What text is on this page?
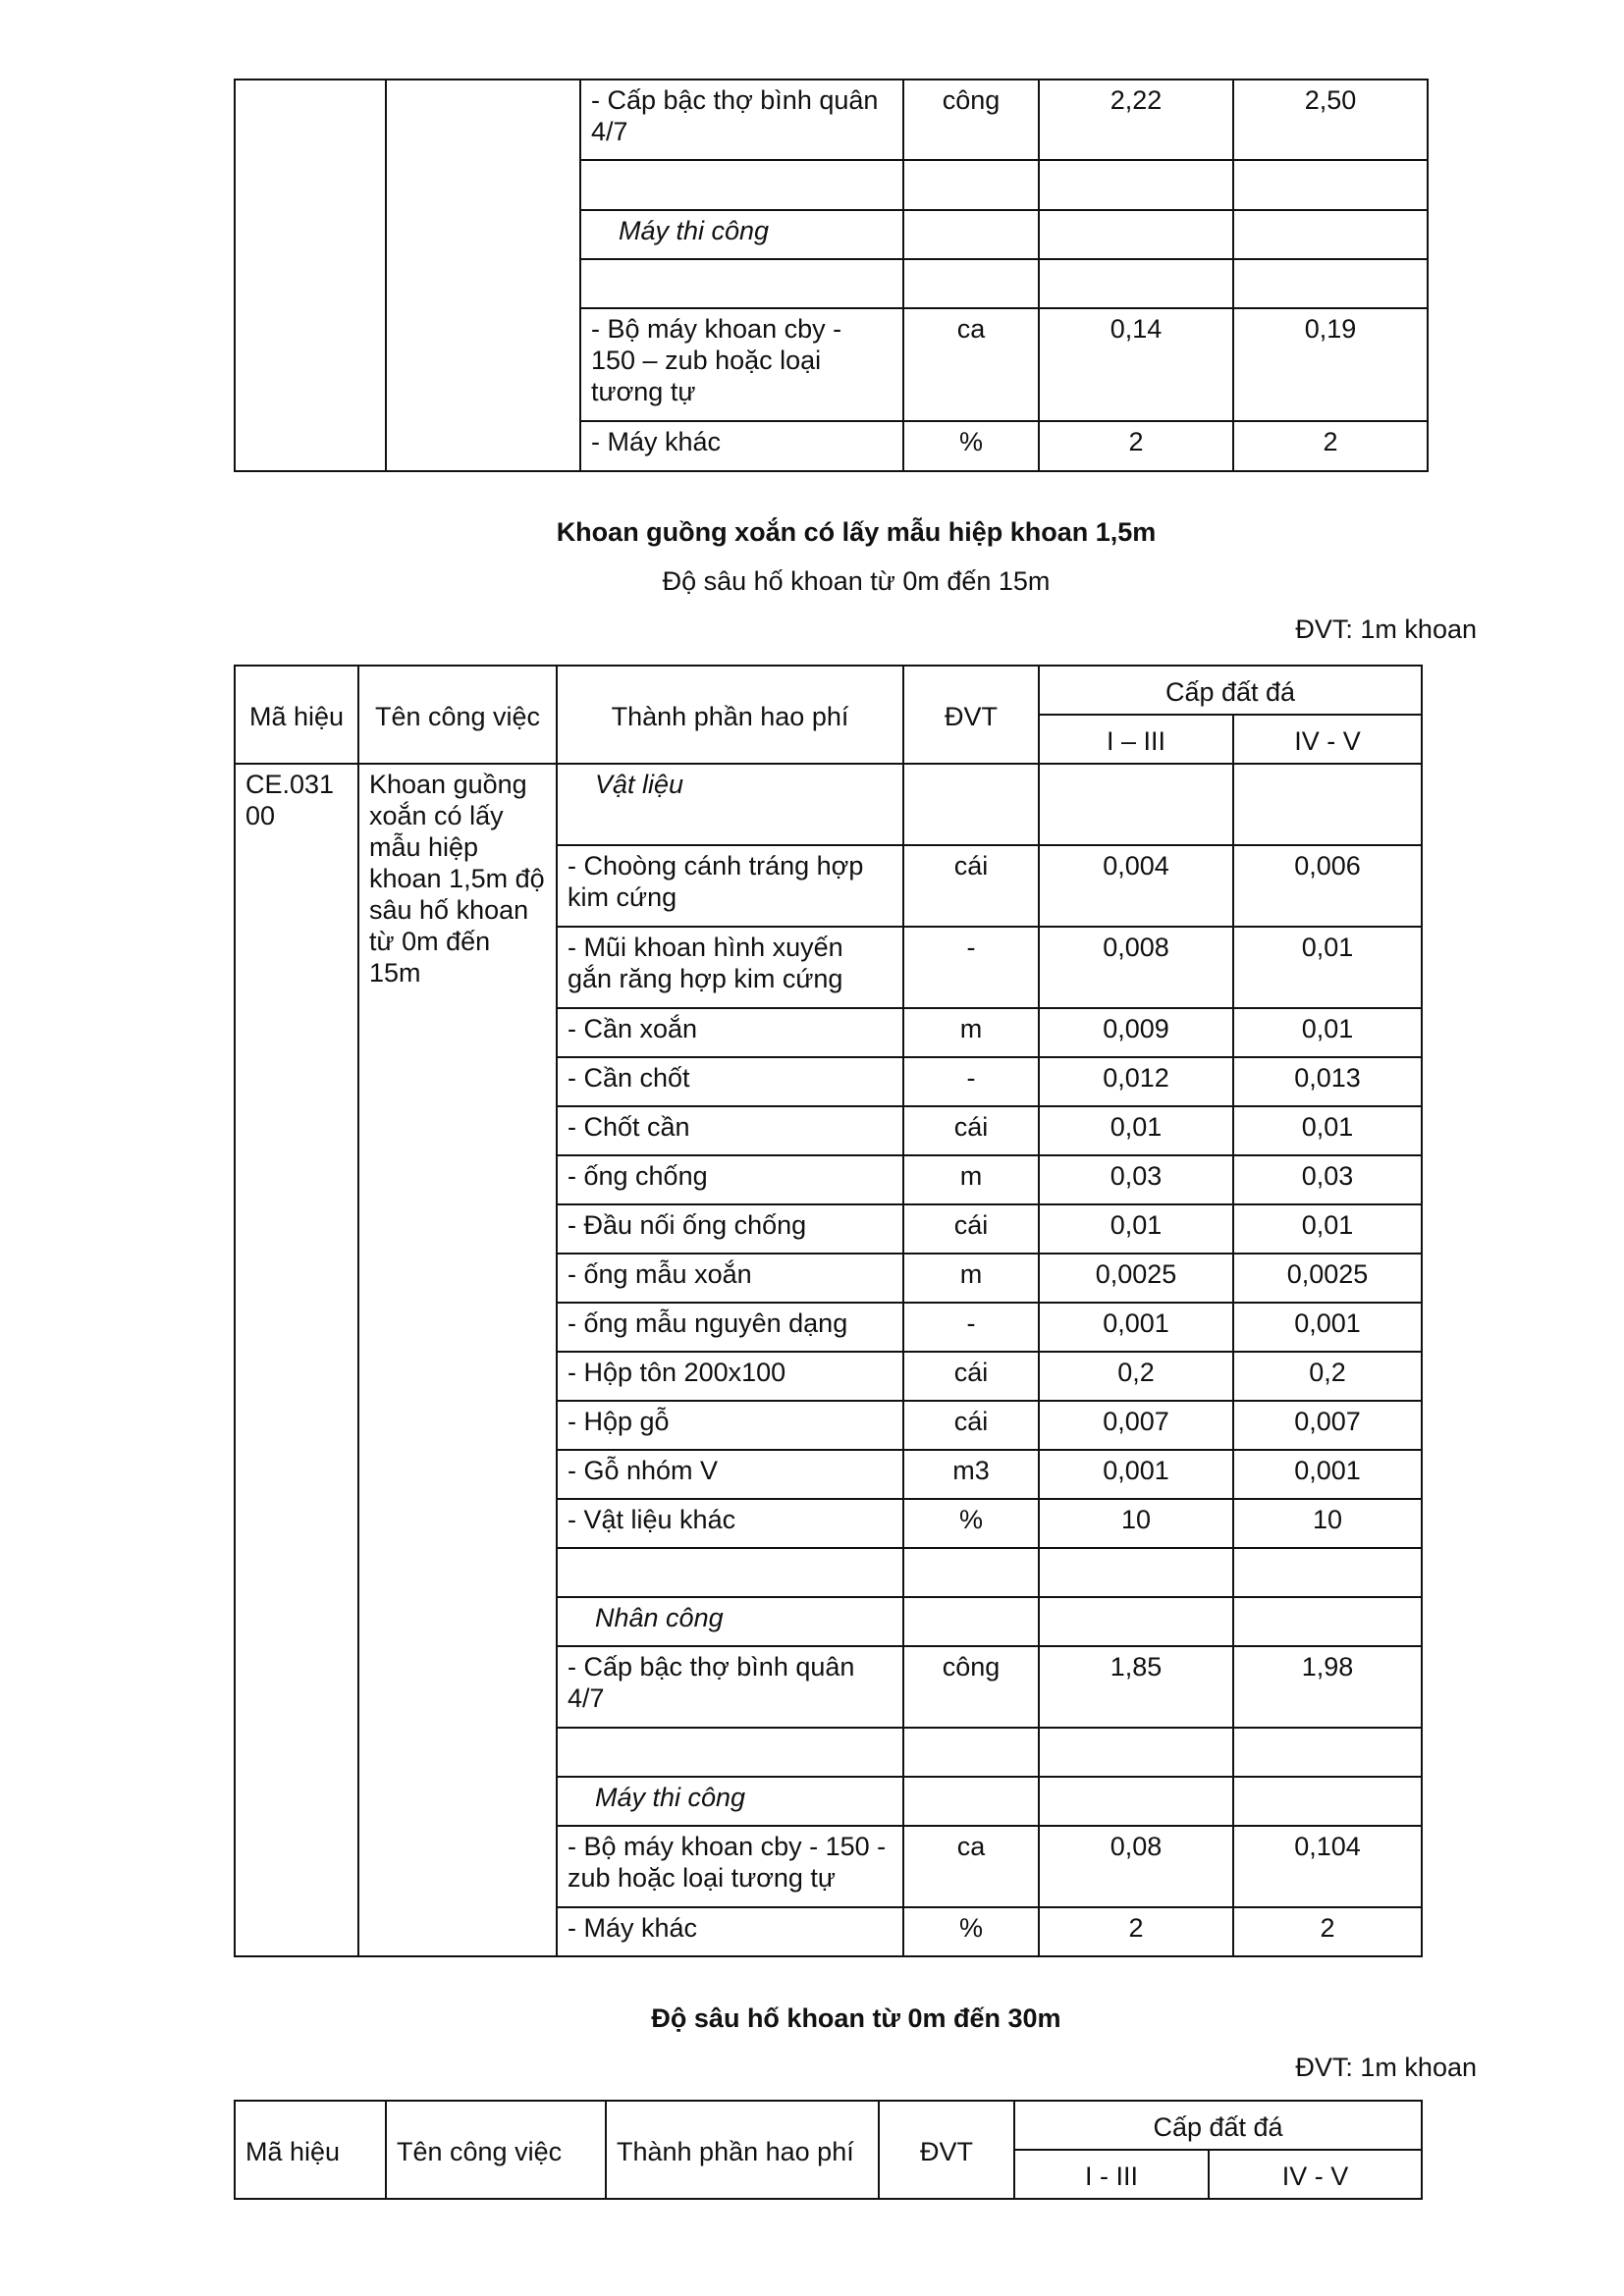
		- Cấp bậc thợ bình quân 4/7	công	2,22	2,50

		Máy thi công			

		- Bộ máy khoan cby - 150 – zub hoặc loại tương tự	ca	0,14	0,19
		- Máy khác	%	2	2
Khoan guồng xoắn có lấy mẫu hiệp khoan 1,5m
Độ sâu hố khoan từ 0m đến 15m
ĐVT: 1m khoan
Mã hiệu	Tên công việc	Thành phần hao phí	ĐVT	Cấp đất đá	
				I – III	IV - V
CE.031 00	Khoan guồng xoắn có lấy mẫu hiệp khoan 1,5m độ sâu hố khoan từ 0m đến 15m	Vật liệu			
		- Choòng cánh tráng hợp kim cứng	cái	0,004	0,006
		- Mũi khoan hình xuyến gắn răng hợp kim cứng	-	0,008	0,01
		- Cần xoắn	m	0,009	0,01
		- Cần chốt	-	0,012	0,013
		- Chốt cần	cái	0,01	0,01
		- ống chống	m	0,03	0,03
		- Đầu nối ống chống	cái	0,01	0,01
		- ống mẫu xoắn	m	0,0025	0,0025
		- ống mẫu nguyên dạng	-	0,001	0,001
		- Hộp tôn 200x100	cái	0,2	0,2
		- Hộp gỗ	cái	0,007	0,007
		- Gỗ nhóm V	m3	0,001	0,001
		- Vật liệu khác	%	10	10

		Nhân công			
		- Cấp bậc thợ bình quân 4/7	công	1,85	1,98

		Máy thi công			
		- Bộ máy khoan cby - 150 - zub hoặc loại tương tự	ca	0,08	0,104
		- Máy khác	%	2	2
Độ sâu hố khoan từ 0m đến 30m
ĐVT: 1m khoan
Mã hiệu	Tên công việc	Thành phần hao phí	ĐVT	Cấp đất đá	
				I - III	IV - V
